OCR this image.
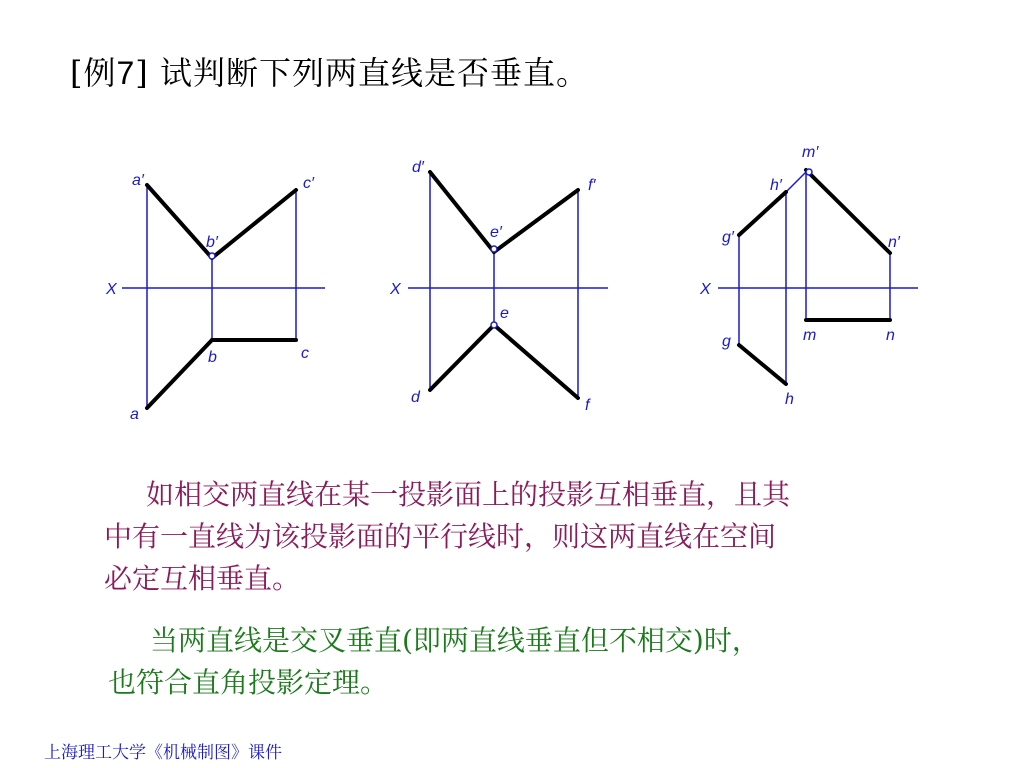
[例7] 试判断下列两直线是否垂直。
a′
b′
c′
X
b	c
a
d′
e′
f′
X
e
d	f
m′
h′
g′	n′
X
g	m	n
h
如相交两直线在某一投影面上的投影互相垂直，且其
中有一直线为该投影面的平行线时，则这两直线在空间
必定互相垂直。
当两直线是交叉垂直(即两直线垂直但不相交)时，
也符合直角投影定理。
上海理工大学《机械制图》课件
